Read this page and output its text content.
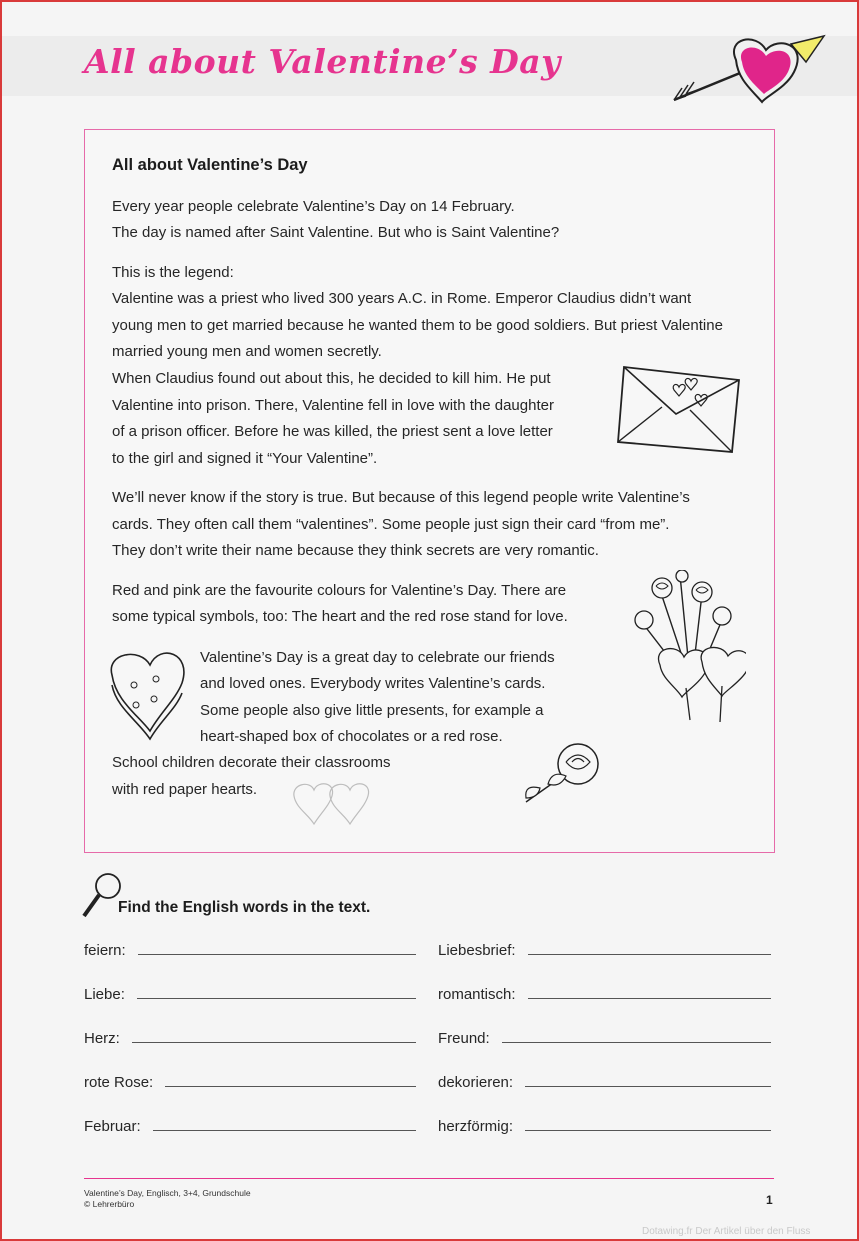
All about Valentine’s Day
All about Valentine’s Day

Every year people celebrate Valentine’s Day on 14 February.

The day is named after Saint Valentine. But who is Saint Valentine?

This is the legend:

Valentine was a priest who lived 300 years A.C. in Rome. Emperor Claudius didn’t want

young men to get married because he wanted them to be good soldiers. But priest Valentine

married young men and women secretly.

When Claudius found out about this, he decided to kill him. He put

Valentine into prison. There, Valentine fell in love with the daughter

of a prison officer. Before he was killed, the priest sent a love letter

to the girl and signed it “Your Valentine”.

We’ll never know if the story is true. But because of this legend people write Valentine’s

cards. They often call them “valentines”. Some people just sign their card “from me”.

They don’t write their name because they think secrets are very romantic.

Red and pink are the favourite colours for Valentine’s Day. There are

some typical symbols, too: The heart and the red rose stand for love.

Valentine’s Day is a great day to celebrate our friends

and loved ones. Everybody writes Valentine’s cards.

Some people also give little presents, for example a

heart-shaped box of chocolates or a red rose.

School children decorate their classrooms

with red paper hearts.

Find the English words in the text.
feiern:
Liebe:
Herz:
rote Rose:
Februar:
Liebesbrief:
romantisch:
Freund:
dekorieren:
herzförmig:
Valentine’s Day, Englisch, 3+4, Grundschule
© Lehrerbüro	1
Dotawing.fr Der Artikel über den Fluss
